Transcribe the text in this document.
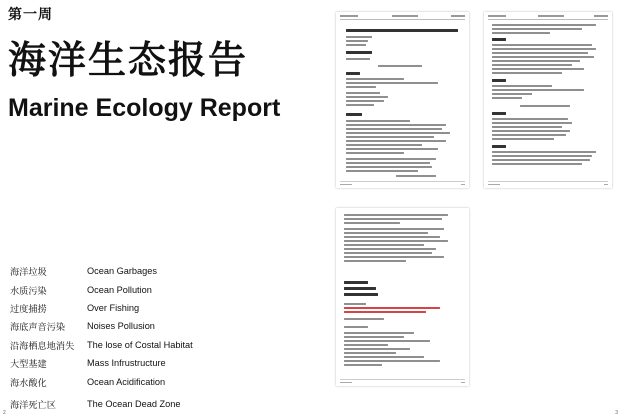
第一周
海洋生态报告
Marine Ecology Report
海洋垃圾	Ocean Garbages
水质污染	Ocean Pollution
过度捕捞	Over Fishing
海底声音污染	Noises Pollusion
沿海栖息地消失	The lose of Costal Habitat
大型基建	Mass Infrustructure
海水酸化	Ocean Acidification
海洋死亡区	The Ocean Dead Zone
2	3
